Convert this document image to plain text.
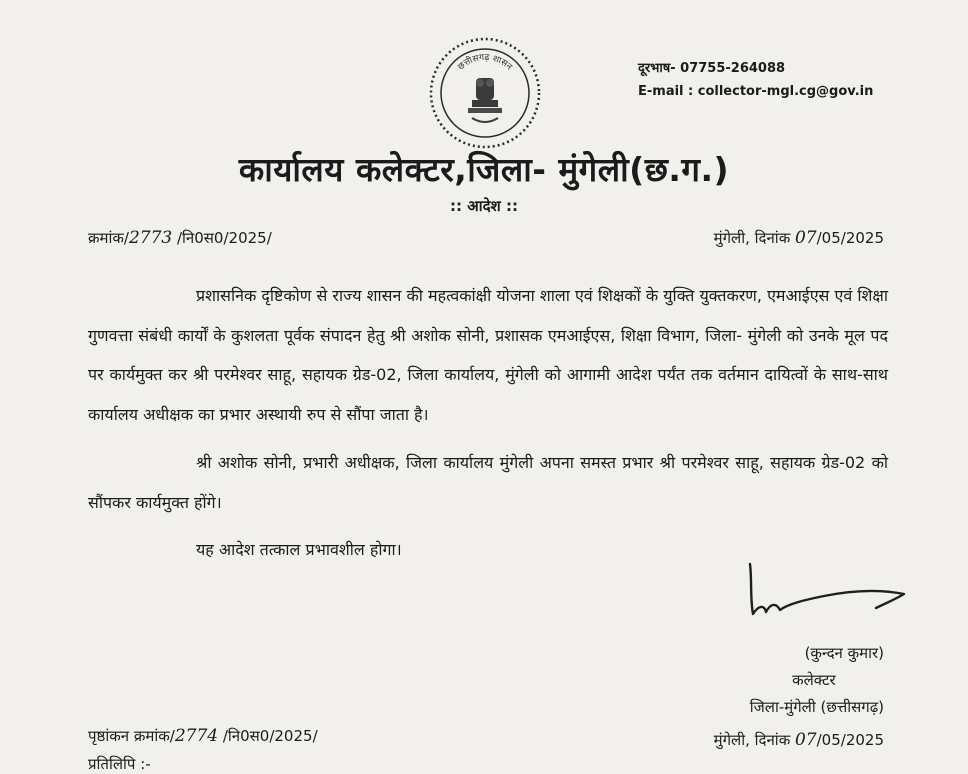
छत्तीसगढ़ शासन	दूरभाष- 07755-264088
E-mail : collector-mgl.cg@gov.in
कार्यालय कलेक्टर,जिला- मुंगेली(छ.ग.)
:: आदेश ::
क्रमांक/2773 /नि0स0/2025/	मुंगेली, दिनांक 07/05/2025

प्रशासनिक दृष्टिकोण से राज्य शासन की महत्वकांक्षी योजना शाला एवं शिक्षकों के युक्ति युक्तकरण, एमआईएस एवं शिक्षा गुणवत्ता संबंधी कार्यों के कुशलता पूर्वक संपादन हेतु श्री अशोक सोनी, प्रशासक एमआईएस, शिक्षा विभाग, जिला- मुंगेली को उनके मूल पद पर कार्यमुक्त कर श्री परमेश्वर साहू, सहायक ग्रेड-02, जिला कार्यालय, मुंगेली को आगामी आदेश पर्यंत तक वर्तमान दायित्वों के साथ-साथ कार्यालय अधीक्षक का प्रभार अस्थायी रुप से सौंपा जाता है।

श्री अशोक सोनी, प्रभारी अधीक्षक, जिला कार्यालय मुंगेली अपना समस्त प्रभार श्री परमेश्वर साहू, सहायक ग्रेड-02 को सौंपकर कार्यमुक्त होंगे।

यह आदेश तत्काल प्रभावशील होगा।

(कुन्दन कुमार)
कलेक्टर
जिला-मुंगेली (छत्तीसगढ़)
पृष्ठांकन क्रमांक/2774 /नि0स0/2025/	मुंगेली, दिनांक 07/05/2025
प्रतिलिपि :-
